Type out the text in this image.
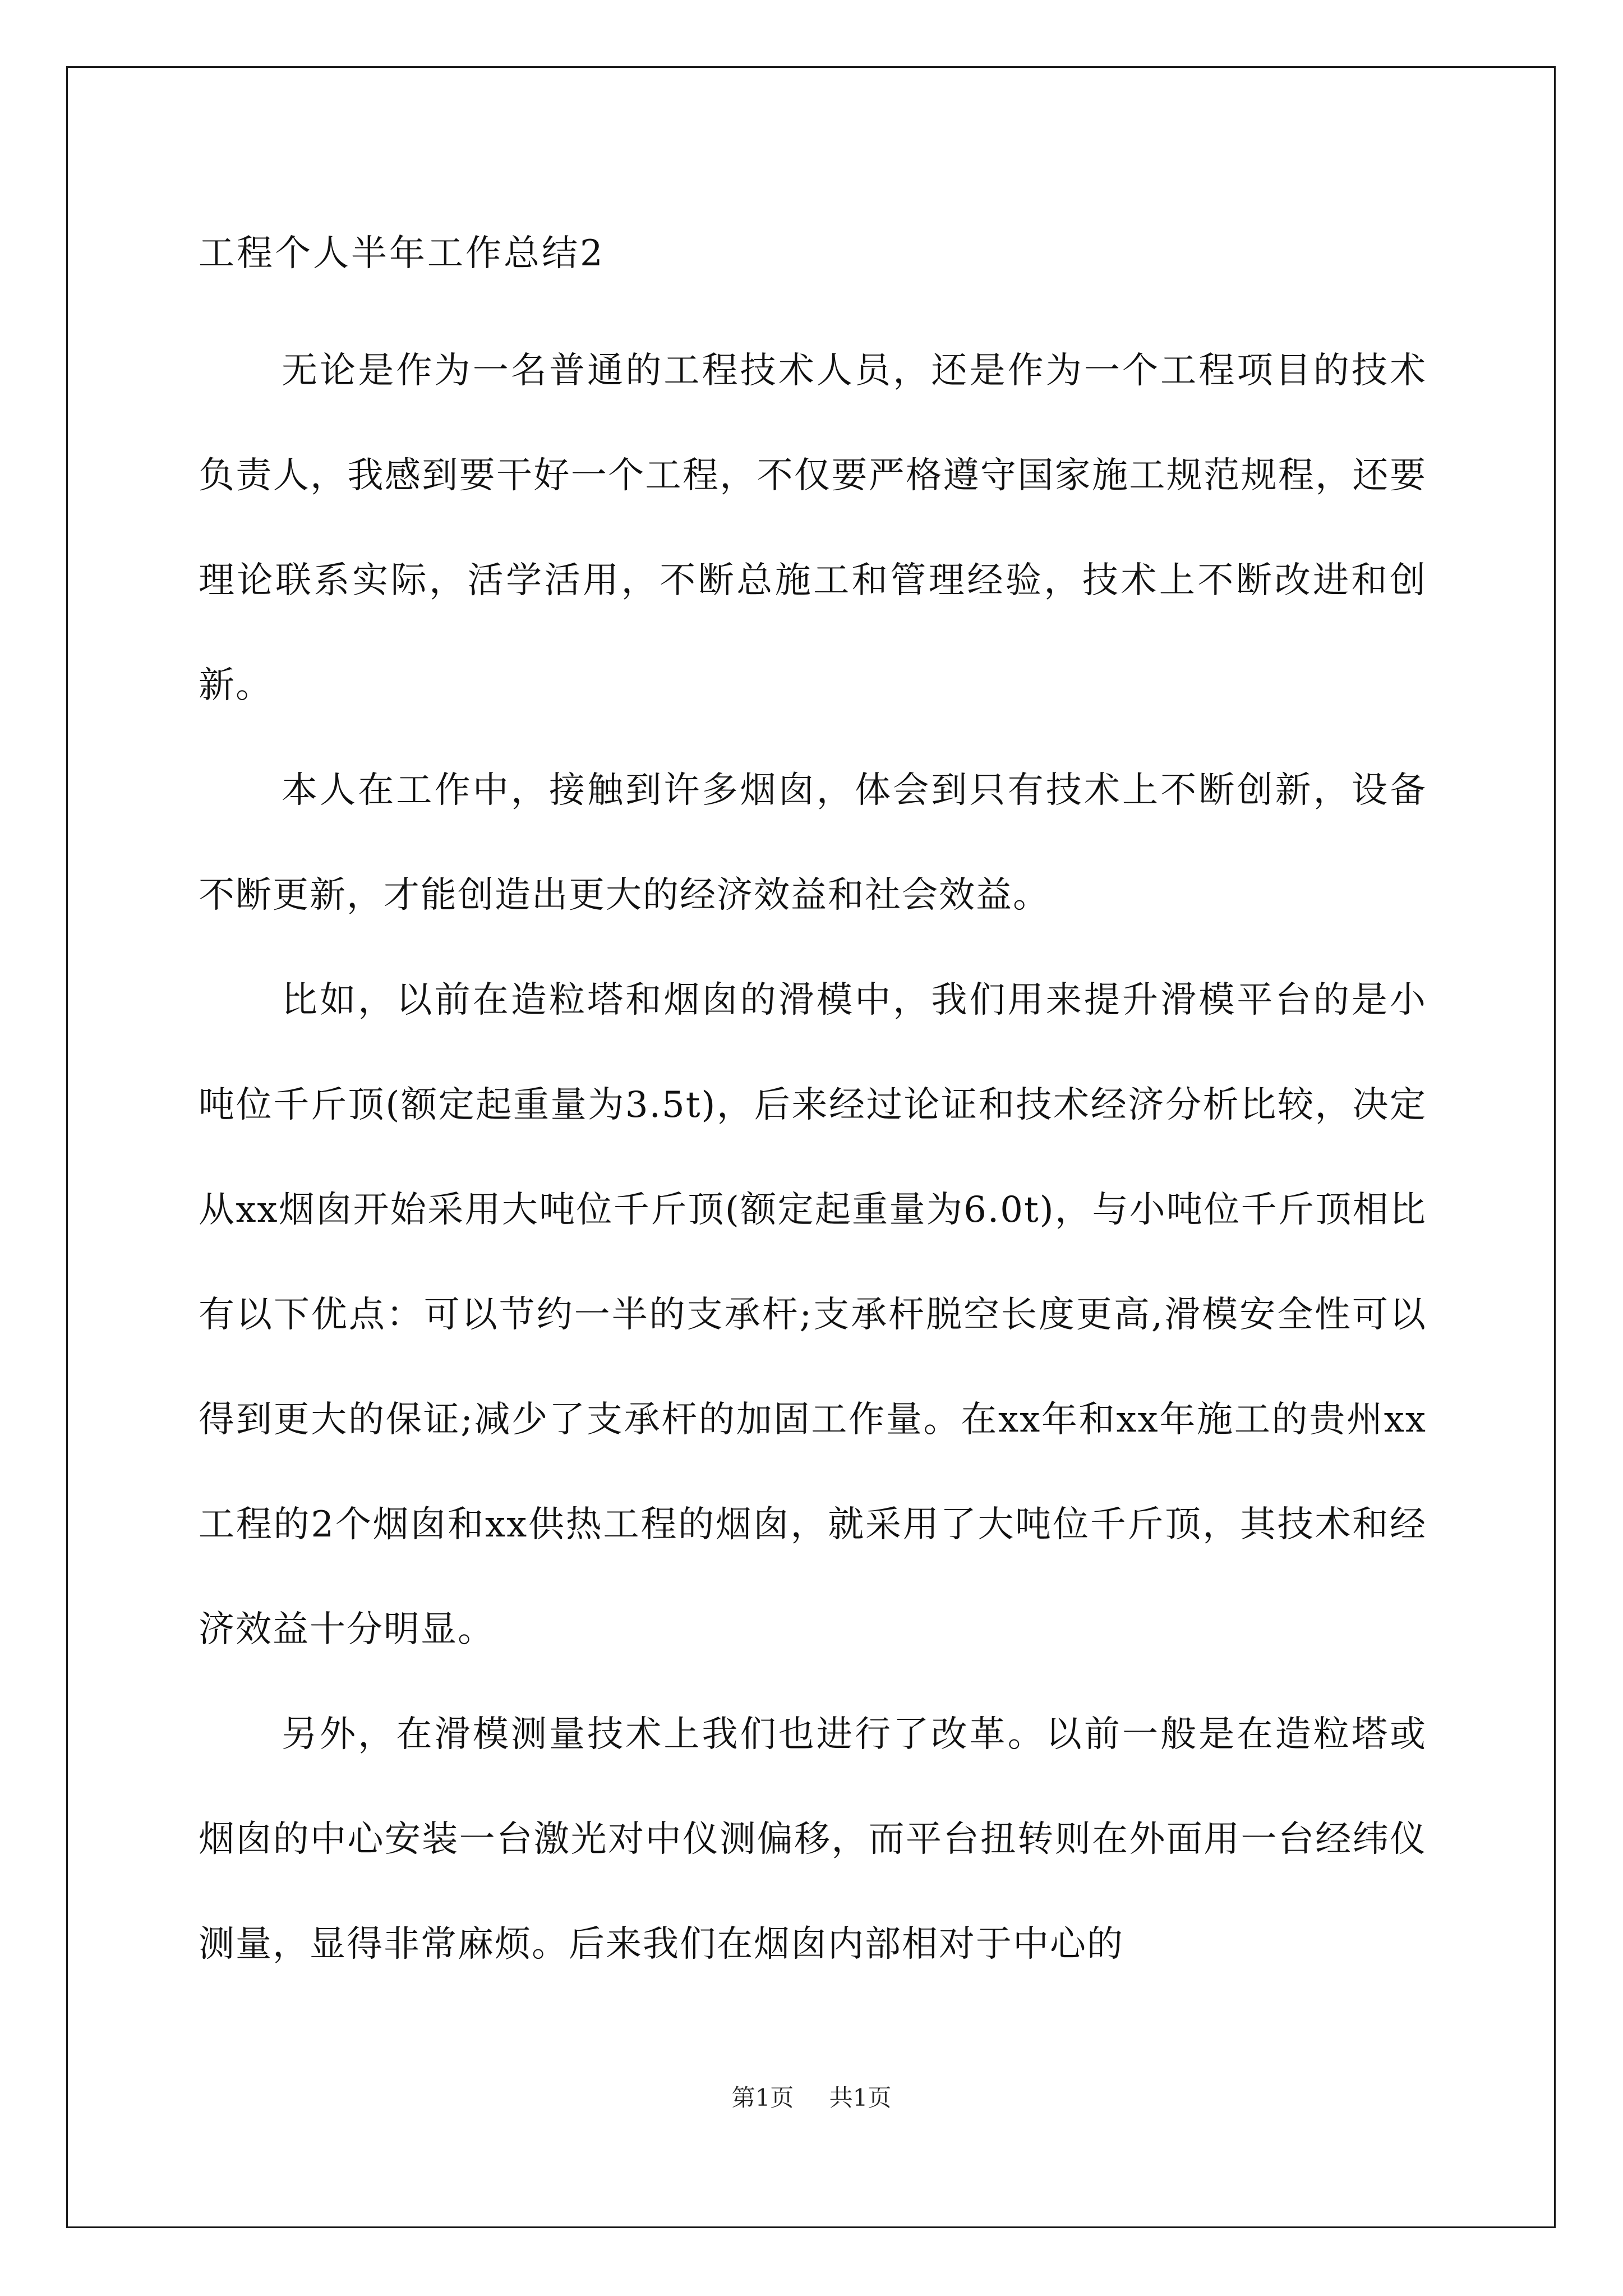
工程个人半年工作总结2

无论是作为一名普通的工程技术人员，还是作为一个工程项目的技术负责人，我感到要干好一个工程，不仅要严格遵守国家施工规范规程，还要理论联系实际，活学活用，不断总施工和管理经验，技术上不断改进和创新。

本人在工作中，接触到许多烟囱，体会到只有技术上不断创新，设备不断更新，才能创造出更大的经济效益和社会效益。

比如，以前在造粒塔和烟囱的滑模中，我们用来提升滑模平台的是小吨位千斤顶(额定起重量为3.5t)，后来经过论证和技术经济分析比较，决定从xx烟囱开始采用大吨位千斤顶(额定起重量为6.0t)，与小吨位千斤顶相比有以下优点：可以节约一半的支承杆;支承杆脱空长度更高,滑模安全性可以得到更大的保证;减少了支承杆的加固工作量。在xx年和xx年施工的贵州xx工程的2个烟囱和xx供热工程的烟囱，就采用了大吨位千斤顶，其技术和经济效益十分明显。

另外，在滑模测量技术上我们也进行了改革。以前一般是在造粒塔或烟囱的中心安装一台激光对中仪测偏移，而平台扭转则在外面用一台经纬仪测量，显得非常麻烦。后来我们在烟囱内部相对于中心的

第1页 共1页
